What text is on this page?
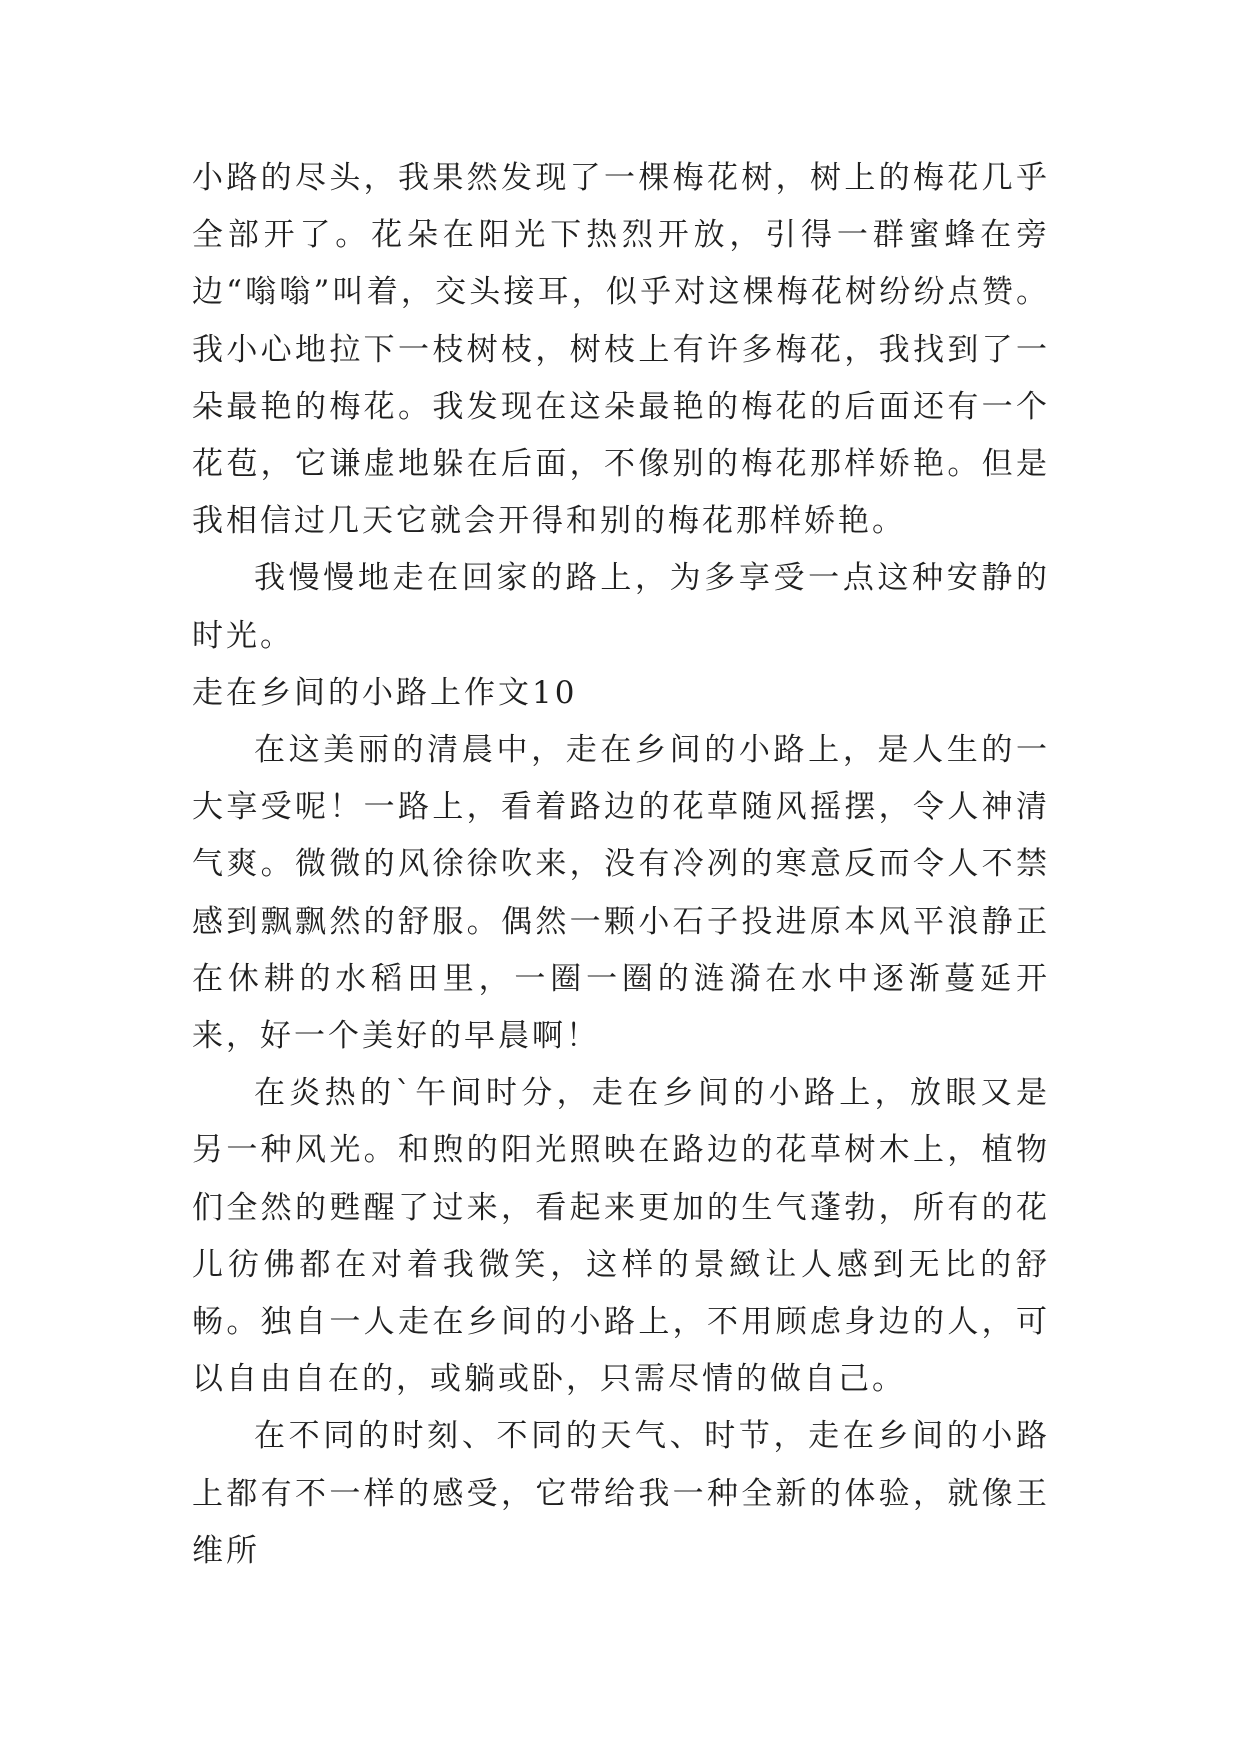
小路的尽头，我果然发现了一棵梅花树，树上的梅花几乎全部开了。花朵在阳光下热烈开放，引得一群蜜蜂在旁边“嗡嗡”叫着，交头接耳，似乎对这棵梅花树纷纷点赞。我小心地拉下一枝树枝，树枝上有许多梅花，我找到了一朵最艳的梅花。我发现在这朵最艳的梅花的后面还有一个花苞，它谦虚地躲在后面，不像别的梅花那样娇艳。但是我相信过几天它就会开得和别的梅花那样娇艳。

我慢慢地走在回家的路上，为多享受一点这种安静的时光。

走在乡间的小路上作文10

在这美丽的清晨中，走在乡间的小路上，是人生的一大享受呢！一路上，看着路边的花草随风摇摆，令人神清气爽。微微的风徐徐吹来，没有冷冽的寒意反而令人不禁感到飘飘然的舒服。偶然一颗小石子投进原本风平浪静正在休耕的水稻田里，一圈一圈的涟漪在水中逐渐蔓延开来，好一个美好的早晨啊！

在炎热的`午间时分，走在乡间的小路上，放眼又是另一种风光。和煦的阳光照映在路边的花草树木上，植物们全然的甦醒了过来，看起来更加的生气蓬勃，所有的花儿彷佛都在对着我微笑，这样的景緻让人感到无比的舒畅。独自一人走在乡间的小路上，不用顾虑身边的人，可以自由自在的，或躺或卧，只需尽情的做自己。

在不同的时刻、不同的天气、时节，走在乡间的小路上都有不一样的感受，它带给我一种全新的体验，就像王维所
